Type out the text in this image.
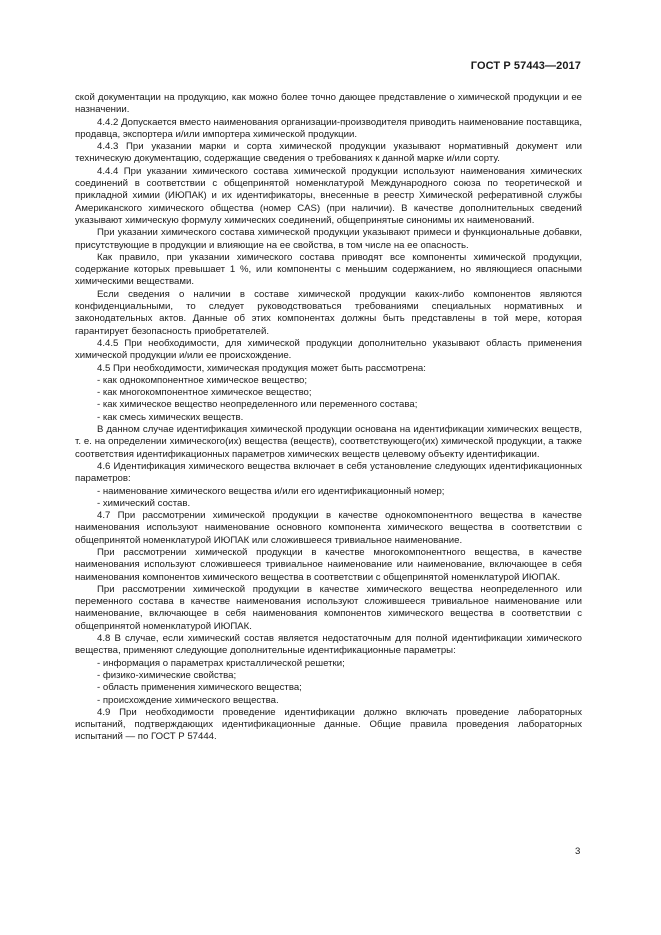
ГОСТ Р 57443—2017

ской документации на продукцию, как можно более точно дающее представление о химической продукции и ее назначении.

4.4.2 Допускается вместо наименования организации-производителя приводить наименование поставщика, продавца, экспортера и/или импортера химической продукции.

4.4.3 При указании марки и сорта химической продукции указывают нормативный документ или техническую документацию, содержащие сведения о требованиях к данной марке и/или сорту.

4.4.4 При указании химического состава химической продукции используют наименования химических соединений в соответствии с общепринятой номенклатурой Международного союза по теоретической и прикладной химии (ИЮПАК) и их идентификаторы, внесенные в реестр Химической реферативной службы Американского химического общества (номер CAS) (при наличии). В качестве дополнительных сведений указывают химическую формулу химических соединений, общепринятые синонимы их наименований.

При указании химического состава химической продукции указывают примеси и функциональные добавки, присутствующие в продукции и влияющие на ее свойства, в том числе на ее опасность.

Как правило, при указании химического состава приводят все компоненты химической продукции, содержание которых превышает 1 %, или компоненты с меньшим содержанием, но являющиеся опасными химическими веществами.

Если сведения о наличии в составе химической продукции каких-либо компонентов являются конфиденциальными, то следует руководствоваться требованиями специальных нормативных и законодательных актов. Данные об этих компонентах должны быть представлены в той мере, которая гарантирует безопасность приобретателей.

4.4.5 При необходимости, для химической продукции дополнительно указывают область применения химической продукции и/или ее происхождение.

4.5 При необходимости, химическая продукция может быть рассмотрена:

- как однокомпонентное химическое вещество;

- как многокомпонентное химическое вещество;

- как химическое вещество неопределенного или переменного состава;

- как смесь химических веществ.

В данном случае идентификация химической продукции основана на идентификации химических веществ, т. е. на определении химического(их) вещества (веществ), соответствующего(их) химической продукции, а также соответствия идентификационных параметров химических веществ целевому объекту идентификации.

4.6 Идентификация химического вещества включает в себя установление следующих идентификационных параметров:

- наименование химического вещества и/или его идентификационный номер;

- химический состав.

4.7 При рассмотрении химической продукции в качестве однокомпонентного вещества в качестве наименования используют наименование основного компонента химического вещества в соответствии с общепринятой номенклатурой ИЮПАК или сложившееся тривиальное наименование.

При рассмотрении химической продукции в качестве многокомпонентного вещества, в качестве наименования используют сложившееся тривиальное наименование или наименование, включающее в себя наименования компонентов химического вещества в соответствии с общепринятой номенклатурой ИЮПАК.

При рассмотрении химической продукции в качестве химического вещества неопределенного или переменного состава в качестве наименования используют сложившееся тривиальное наименование или наименование, включающее в себя наименования компонентов химического вещества в соответствии с общепринятой номенклатурой ИЮПАК.

4.8 В случае, если химический состав является недостаточным для полной идентификации химического вещества, применяют следующие дополнительные идентификационные параметры:

- информация о параметрах кристаллической решетки;

- физико-химические свойства;

- область применения химического вещества;

- происхождение химического вещества.

4.9 При необходимости проведение идентификации должно включать проведение лабораторных испытаний, подтверждающих идентификационные данные. Общие правила проведения лабораторных испытаний — по ГОСТ Р 57444.

3
